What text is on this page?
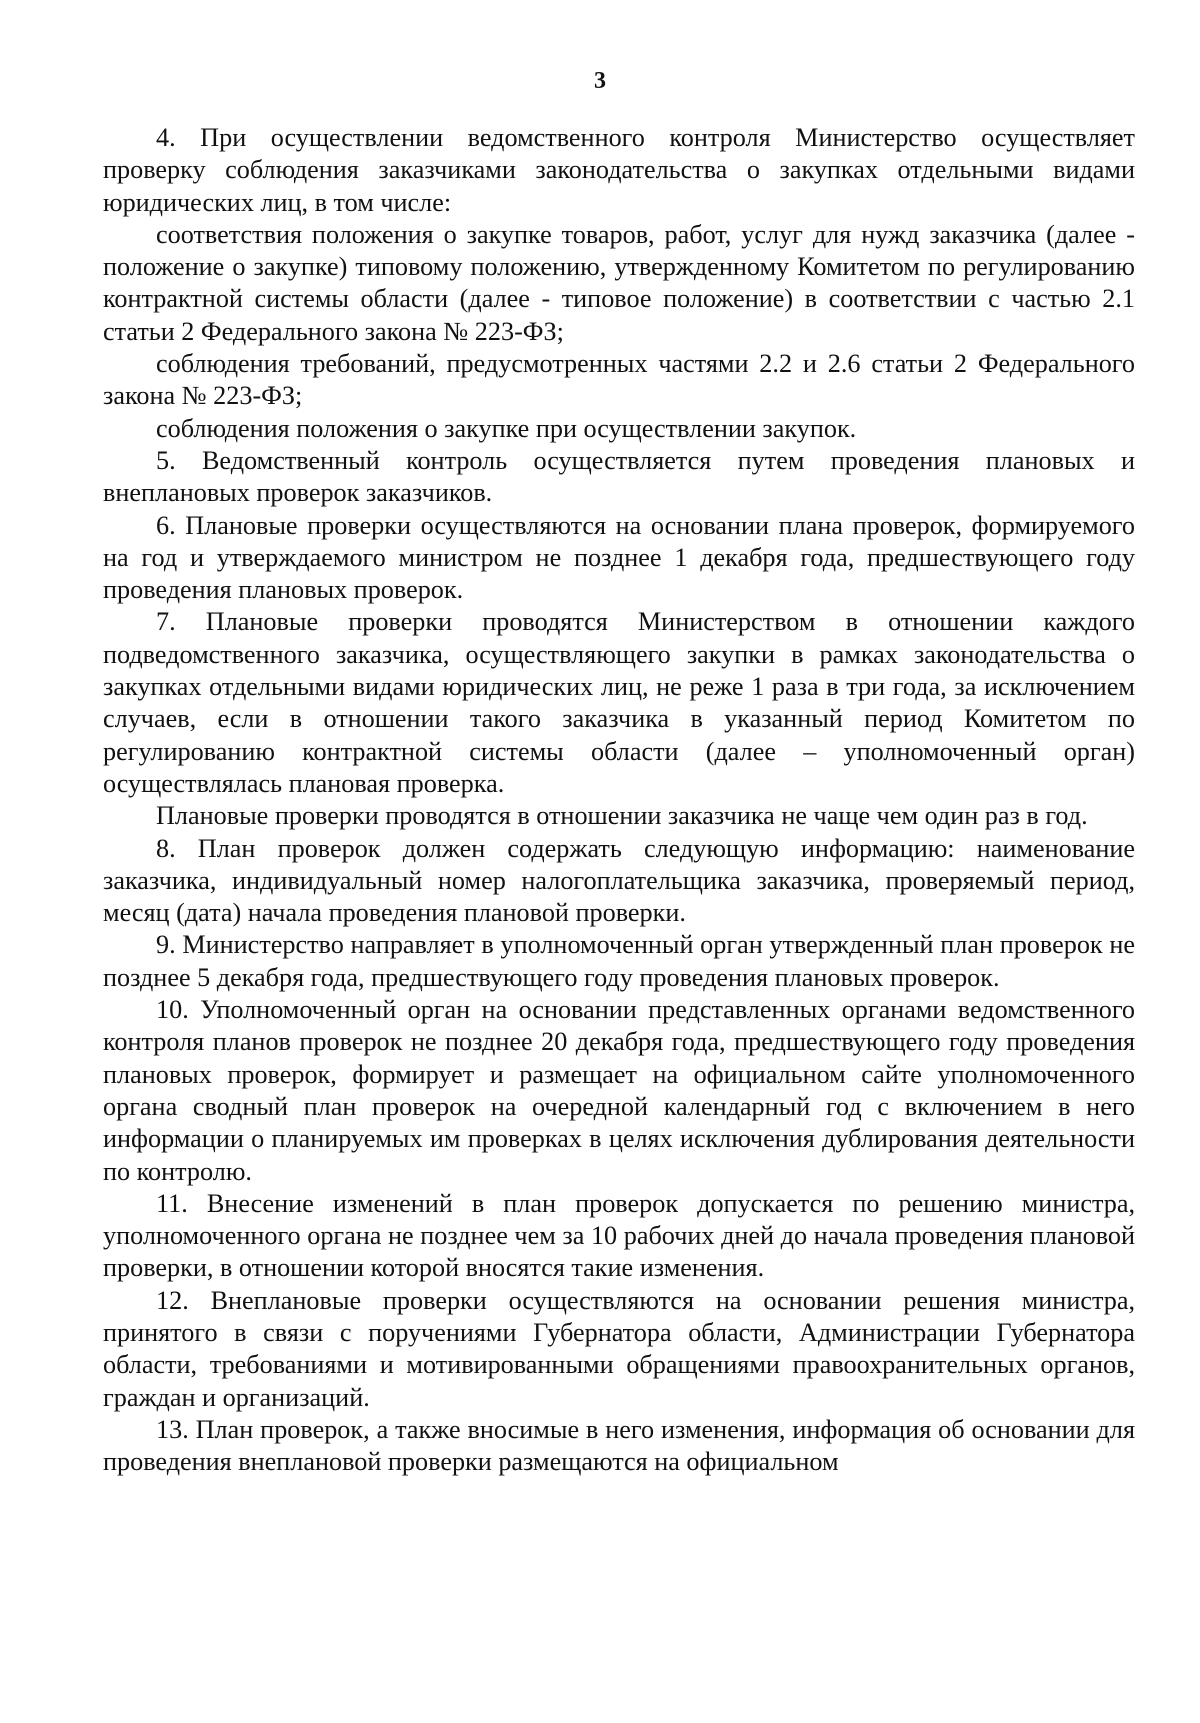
3

4. При осуществлении ведомственного контроля Министерство осуществляет проверку соблюдения заказчиками законодательства о закупках отдельными видами юридических лиц, в том числе:

соответствия положения о закупке товаров, работ, услуг для нужд заказчика (далее - положение о закупке) типовому положению, утвержденному Комитетом по регулированию контрактной системы области (далее - типовое положение) в соответствии с частью 2.1 статьи 2 Федерального закона № 223-ФЗ;

соблюдения требований, предусмотренных частями 2.2 и 2.6 статьи 2 Федерального закона № 223-ФЗ;

соблюдения положения о закупке при осуществлении закупок.

5. Ведомственный контроль осуществляется путем проведения плановых и внеплановых проверок заказчиков.

6. Плановые проверки осуществляются на основании плана проверок, формируемого на год и утверждаемого министром не позднее 1 декабря года, предшествующего году проведения плановых проверок.

7. Плановые проверки проводятся Министерством в отношении каждого подведомственного заказчика, осуществляющего закупки в рамках законодательства о закупках отдельными видами юридических лиц, не реже 1 раза в три года, за исключением случаев, если в отношении такого заказчика в указанный период Комитетом по регулированию контрактной системы области (далее – уполномоченный орган) осуществлялась плановая проверка.

Плановые проверки проводятся в отношении заказчика не чаще чем один раз в год.

8. План проверок должен содержать следующую информацию: наименование заказчика, индивидуальный номер налогоплательщика заказчика, проверяемый период, месяц (дата) начала проведения плановой проверки.

9. Министерство направляет в уполномоченный орган утвержденный план проверок не позднее 5 декабря года, предшествующего году проведения плановых проверок.

10. Уполномоченный орган на основании представленных органами ведомственного контроля планов проверок не позднее 20 декабря года, предшествующего году проведения плановых проверок, формирует и размещает на официальном сайте уполномоченного органа сводный план проверок на очередной календарный год с включением в него информации о планируемых им проверках в целях исключения дублирования деятельности по контролю.

11. Внесение изменений в план проверок допускается по решению министра, уполномоченного органа не позднее чем за 10 рабочих дней до начала проведения плановой проверки, в отношении которой вносятся такие изменения.

12. Внеплановые проверки осуществляются на основании решения министра, принятого в связи с поручениями Губернатора области, Администрации Губернатора области, требованиями и мотивированными обращениями правоохранительных органов, граждан и организаций.

13. План проверок, а также вносимые в него изменения, информация об основании для проведения внеплановой проверки размещаются на официальном
